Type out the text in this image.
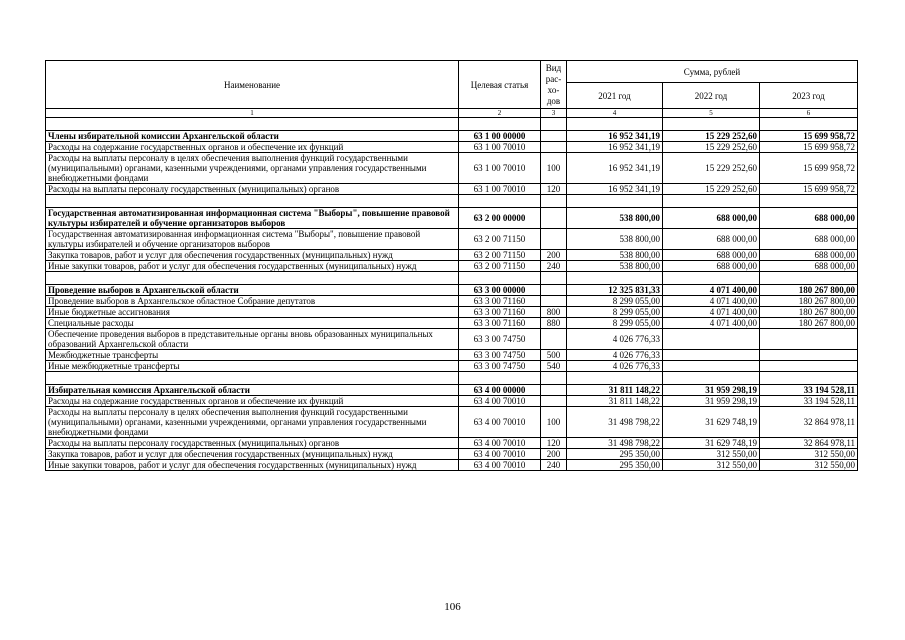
Наименование	Целевая статья	Вид рас-хо-дов	Сумма, рублей		
			2021 год	2022 год	2023 год
1	2	3	4	5	6

Члены избирательной комиссии Архангельской области	63 1 00 00000		16 952 341,19	15 229 252,60	15 699 958,72
Расходы на содержание государственных органов и обеспечение их функций	63 1 00 70010		16 952 341,19	15 229 252,60	15 699 958,72
Расходы на выплаты персоналу в целях обеспечения выполнения функций государственными (муниципальными) органами, казенными учреждениями, органами управления государственными внебюджетными фондами	63 1 00 70010	100	16 952 341,19	15 229 252,60	15 699 958,72
Расходы на выплаты персоналу государственных (муниципальных) органов	63 1 00 70010	120	16 952 341,19	15 229 252,60	15 699 958,72

Государственная автоматизированная информационная система "Выборы", повышение правовой культуры избирателей и обучение организаторов выборов	63 2 00 00000		538 800,00	688 000,00	688 000,00
Государственная автоматизированная информационная система "Выборы", повышение правовой культуры избирателей и обучение организаторов выборов	63 2 00 71150		538 800,00	688 000,00	688 000,00
Закупка товаров, работ и услуг для обеспечения государственных (муниципальных) нужд	63 2 00 71150	200	538 800,00	688 000,00	688 000,00
Иные закупки товаров, работ и услуг для обеспечения государственных (муниципальных) нужд	63 2 00 71150	240	538 800,00	688 000,00	688 000,00

Проведение выборов в Архангельской области	63 3 00 00000		12 325 831,33	4 071 400,00	180 267 800,00
Проведение выборов в Архангельское областное Собрание депутатов	63 3 00 71160		8 299 055,00	4 071 400,00	180 267 800,00
Иные бюджетные ассигнования	63 3 00 71160	800	8 299 055,00	4 071 400,00	180 267 800,00
Специальные расходы	63 3 00 71160	880	8 299 055,00	4 071 400,00	180 267 800,00
Обеспечение проведения выборов в представительные органы вновь образованных муниципальных образований Архангельской области	63 3 00 74750		4 026 776,33		
Межбюджетные трансферты	63 3 00 74750	500	4 026 776,33		
Иные межбюджетные трансферты	63 3 00 74750	540	4 026 776,33		

Избирательная комиссия Архангельской области	63 4 00 00000		31 811 148,22	31 959 298,19	33 194 528,11
Расходы на содержание государственных органов и обеспечение их функций	63 4 00 70010		31 811 148,22	31 959 298,19	33 194 528,11
Расходы на выплаты персоналу в целях обеспечения выполнения функций государственными (муниципальными) органами, казенными учреждениями, органами управления государственными внебюджетными фондами	63 4 00 70010	100	31 498 798,22	31 629 748,19	32 864 978,11
Расходы на выплаты персоналу государственных (муниципальных) органов	63 4 00 70010	120	31 498 798,22	31 629 748,19	32 864 978,11
Закупка товаров, работ и услуг для обеспечения государственных (муниципальных) нужд	63 4 00 70010	200	295 350,00	312 550,00	312 550,00
Иные закупки товаров, работ и услуг для обеспечения государственных (муниципальных) нужд	63 4 00 70010	240	295 350,00	312 550,00	312 550,00
106
